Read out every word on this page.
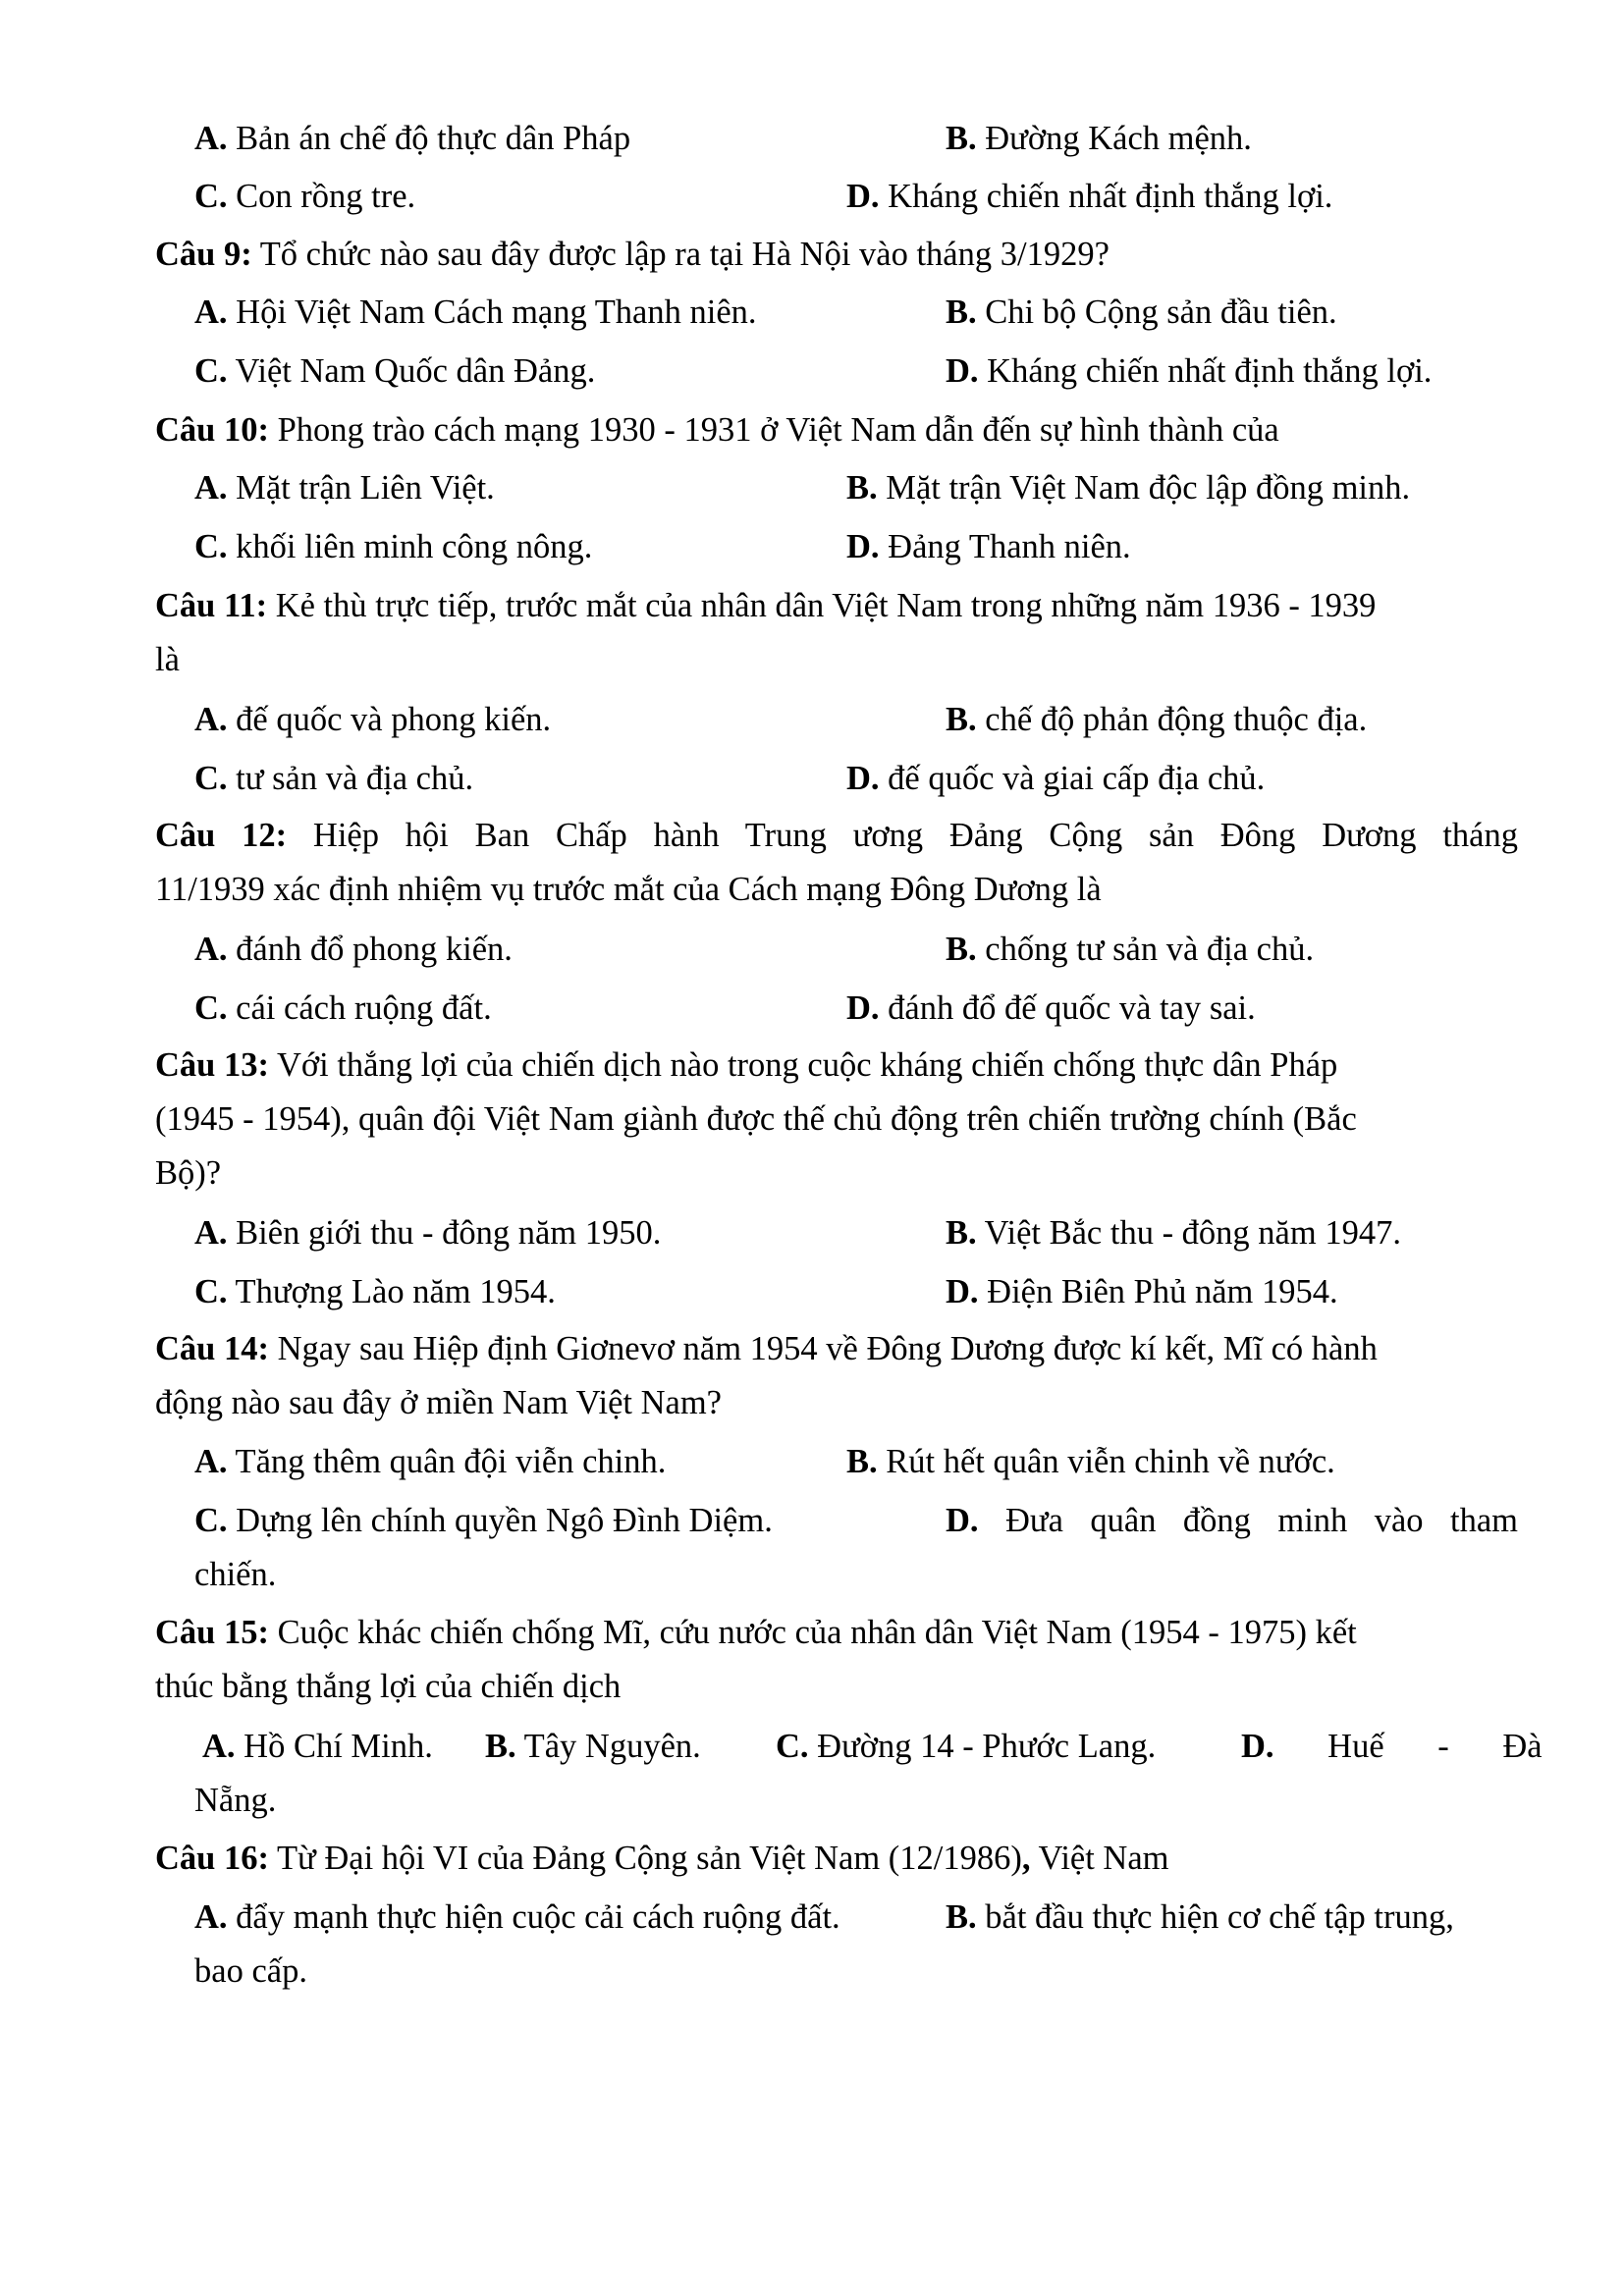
A. Bản án chế độ thực dân Pháp	B. Đường Kách mệnh.
C. Con rồng tre.	D. Kháng chiến nhất định thắng lợi.
Câu 9: Tổ chức nào sau đây được lập ra tại Hà Nội vào tháng 3/1929?
A. Hội Việt Nam Cách mạng Thanh niên.	B. Chi bộ Cộng sản đầu tiên.
C. Việt Nam Quốc dân Đảng.	D. Kháng chiến nhất định thắng lợi.
Câu 10: Phong trào cách mạng 1930 - 1931 ở Việt Nam dẫn đến sự hình thành của
A. Mặt trận Liên Việt.	B. Mặt trận Việt Nam độc lập đồng minh.
C. khối liên minh công nông.	D. Đảng Thanh niên.
Câu 11: Kẻ thù trực tiếp, trước mắt của nhân dân Việt Nam trong những năm 1936 - 1939
là
A. đế quốc và phong kiến.	B. chế độ phản động thuộc địa.
C. tư sản và địa chủ.	D. đế quốc và giai cấp địa chủ.
Câu 12: Hiệp hội Ban Chấp hành Trung ương Đảng Cộng sản Đông Dương tháng
11/1939 xác định nhiệm vụ trước mắt của Cách mạng Đông Dương là
A. đánh đổ phong kiến.	B. chống tư sản và địa chủ.
C. cái cách ruộng đất.	D. đánh đổ đế quốc và tay sai.
Câu 13: Với thắng lợi của chiến dịch nào trong cuộc kháng chiến chống thực dân Pháp
(1945 - 1954), quân đội Việt Nam giành được thế chủ động trên chiến trường chính (Bắc
Bộ)?
A. Biên giới thu - đông năm 1950.	B. Việt Bắc thu - đông năm 1947.
C. Thượng Lào năm 1954.	D. Điện Biên Phủ năm 1954.
Câu 14: Ngay sau Hiệp định Giơnevơ năm 1954 về Đông Dương được kí kết, Mĩ có hành
động nào sau đây ở miền Nam Việt Nam?
A. Tăng thêm quân đội viễn chinh.	B. Rút hết quân viễn chinh về nước.
C. Dựng lên chính quyền Ngô Đình Diệm.	D. Đưa quân đồng minh vào tham
chiến.
Câu 15: Cuộc khác chiến chống Mĩ, cứu nước của nhân dân Việt Nam (1954 - 1975) kết
thúc bằng thắng lợi của chiến dịch
A. Hồ Chí Minh. B. Tây Nguyên. C. Đường 14 - Phước Lang.	D. Huế - Đà
Nẵng.
Câu 16: Từ Đại hội VI của Đảng Cộng sản Việt Nam (12/1986), Việt Nam
A. đẩy mạnh thực hiện cuộc cải cách ruộng đất.	B. bắt đầu thực hiện cơ chế tập trung,
bao cấp.
